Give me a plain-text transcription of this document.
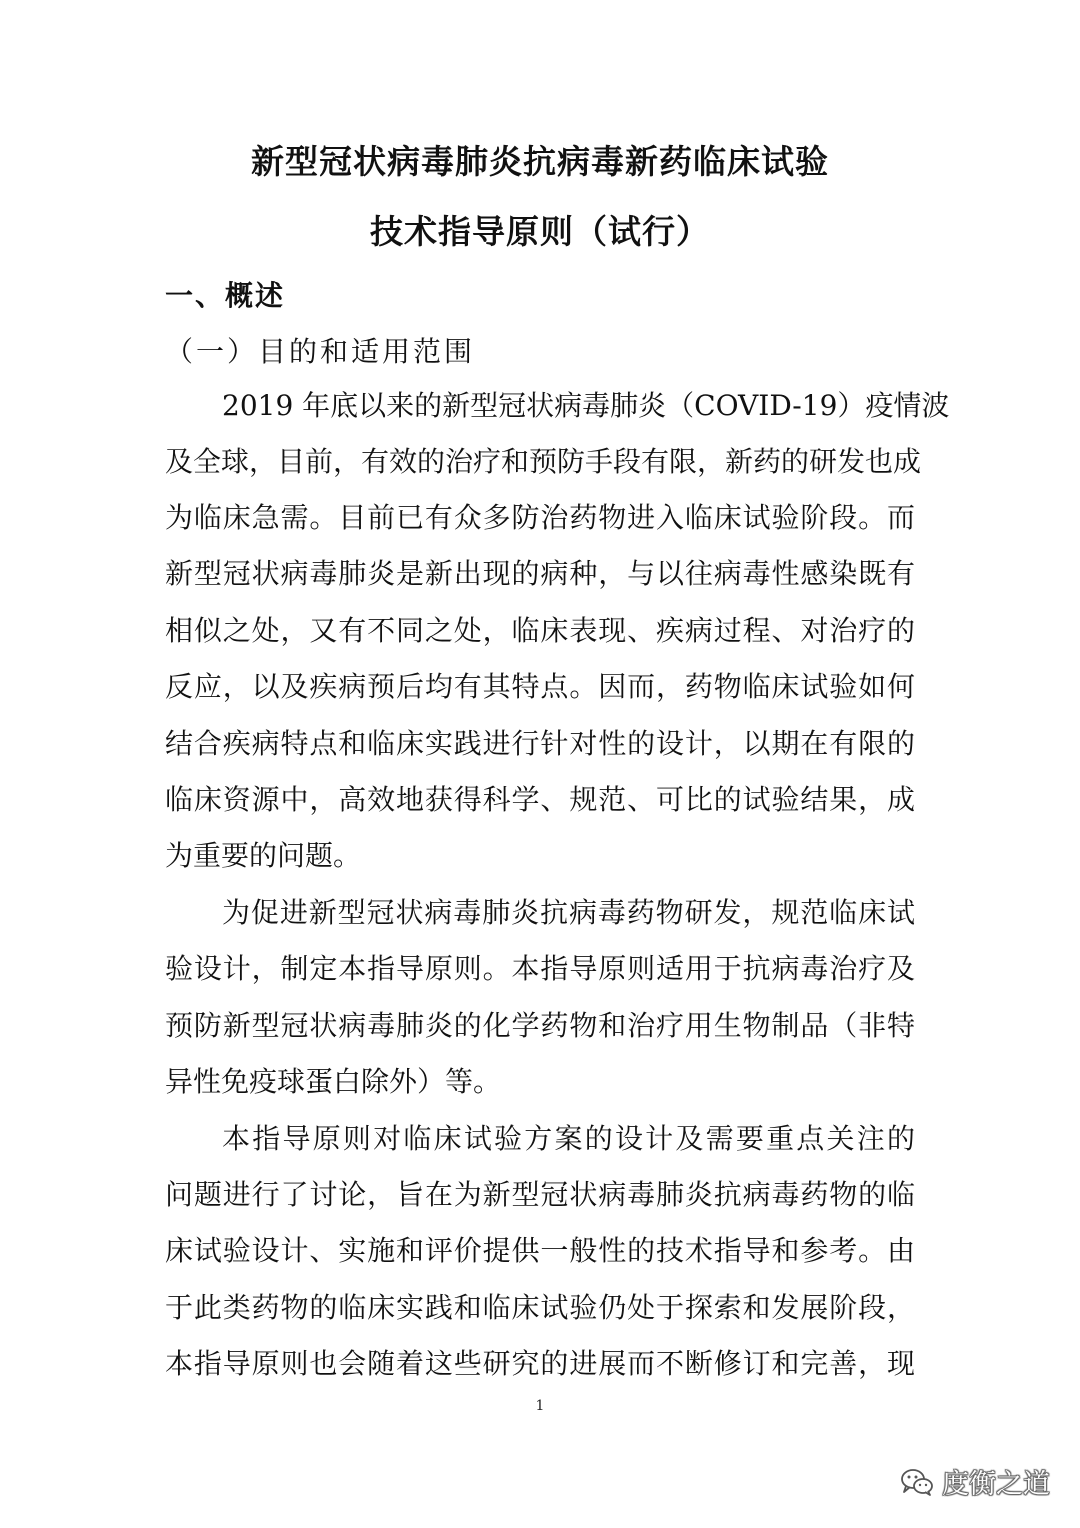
新型冠状病毒肺炎抗病毒新药临床试验
技术指导原则（试行）
一、概述
（一）目的和适用范围
2019 年底以来的新型冠状病毒肺炎（COVID-19）疫情波
及全球，目前，有效的治疗和预防手段有限，新药的研发也成
为临床急需。目前已有众多防治药物进入临床试验阶段。而
新型冠状病毒肺炎是新出现的病种，与以往病毒性感染既有
相似之处，又有不同之处，临床表现、疾病过程、对治疗的
反应，以及疾病预后均有其特点。因而，药物临床试验如何
结合疾病特点和临床实践进行针对性的设计，以期在有限的
临床资源中，高效地获得科学、规范、可比的试验结果，成
为重要的问题。
为促进新型冠状病毒肺炎抗病毒药物研发，规范临床试
验设计，制定本指导原则。本指导原则适用于抗病毒治疗及
预防新型冠状病毒肺炎的化学药物和治疗用生物制品（非特
异性免疫球蛋白除外）等。
本指导原则对临床试验方案的设计及需要重点关注的
问题进行了讨论，旨在为新型冠状病毒肺炎抗病毒药物的临
床试验设计、实施和评价提供一般性的技术指导和参考。由
于此类药物的临床实践和临床试验仍处于探索和发展阶段，
本指导原则也会随着这些研究的进展而不断修订和完善，现
1
度衡之道
